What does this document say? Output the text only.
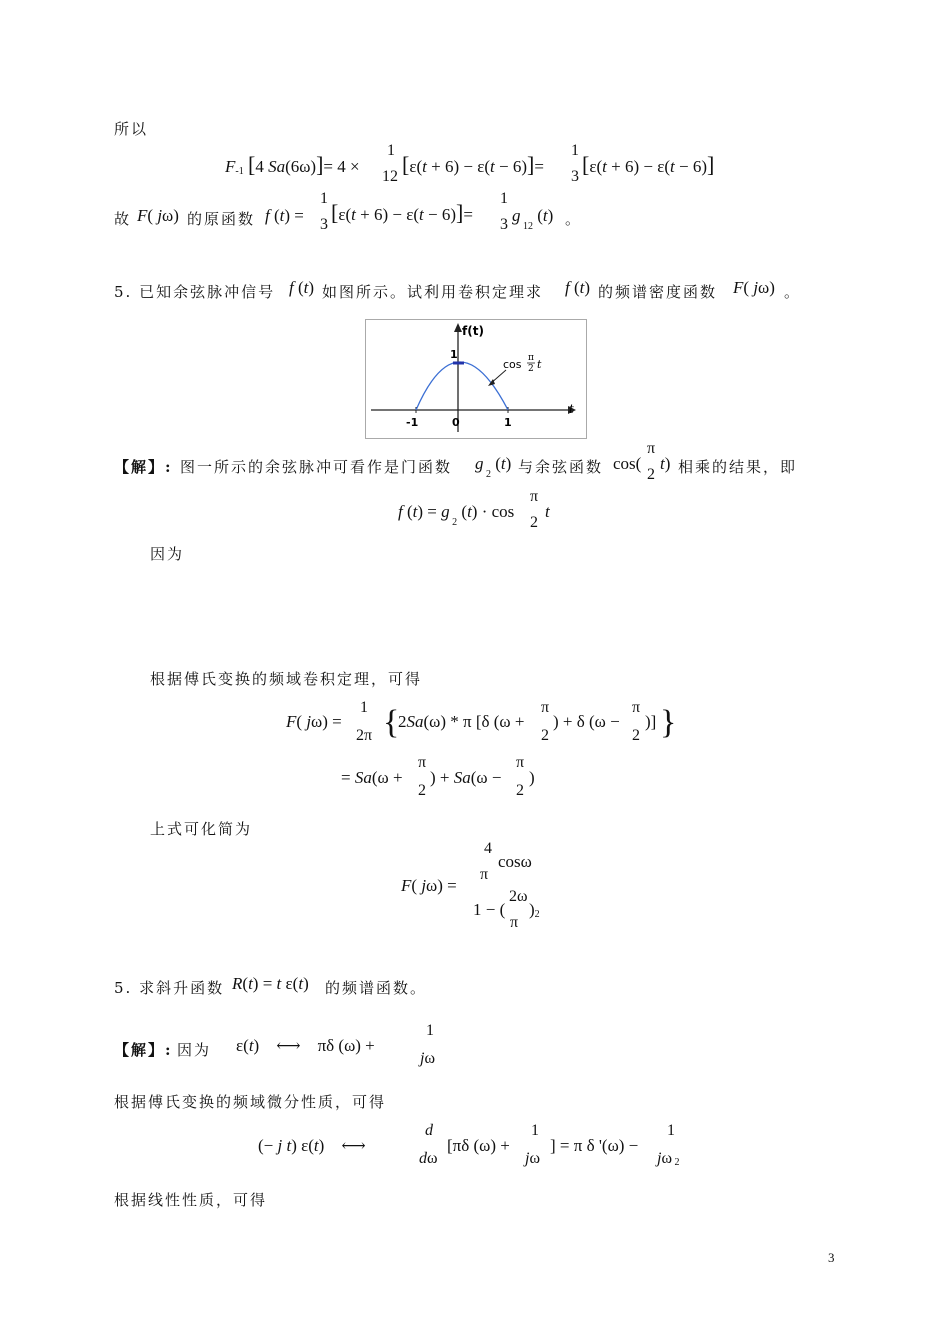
所以
F-1 [4 Sa(6ω)]= 4 ×
1
12 [ε(t + 6) − ε(t − 6)]=
1
3 [ε(t + 6) − ε(t − 6)]
故 F( jω) 的原函数 f (t) =
1
3 [ε(t + 6) − ε(t − 6)]=
1
3 g $_{12}$ (t) 。
5. 已知余弦脉冲信号 f (t) 如图所示。试利用卷积定理求 f (t) 的频谱密度函数 F( jω) 。
f(t)
t
1
-1	0	1
cos π
2 t
【解】: 图一所示的余弦脉冲可看作是门函数 g $_2$ (t) 与余弦函数 cos(
π
2
t) 相乘的结果，即
f (t) = g $_2$ (t) · cos
π
2
t
因为
根据傅氏变换的频域卷积定理，可得
F( jω) =
1
2π {
2Sa(ω) * π [δ (ω +
π
2
) + δ (ω −
π
2
)] }
= Sa(ω +
π
2
) + Sa(ω −
π
2
)
上式可化简为
4
π
cosω
F( jω) =
2ω
1 − ( )2
π
5. 求斜升函数 R(t) = t ε(t) 的频谱函数。
【解】: 因为 ε(t)    ⟷    πδ (ω) +
1
jω
根据傅氏变换的频域微分性质，可得
(− j t) ε(t)    ⟷
d
dω
[πδ (ω) +
1
jω
] = π δ '(ω) −
1
jω 2
根据线性性质，可得
3
